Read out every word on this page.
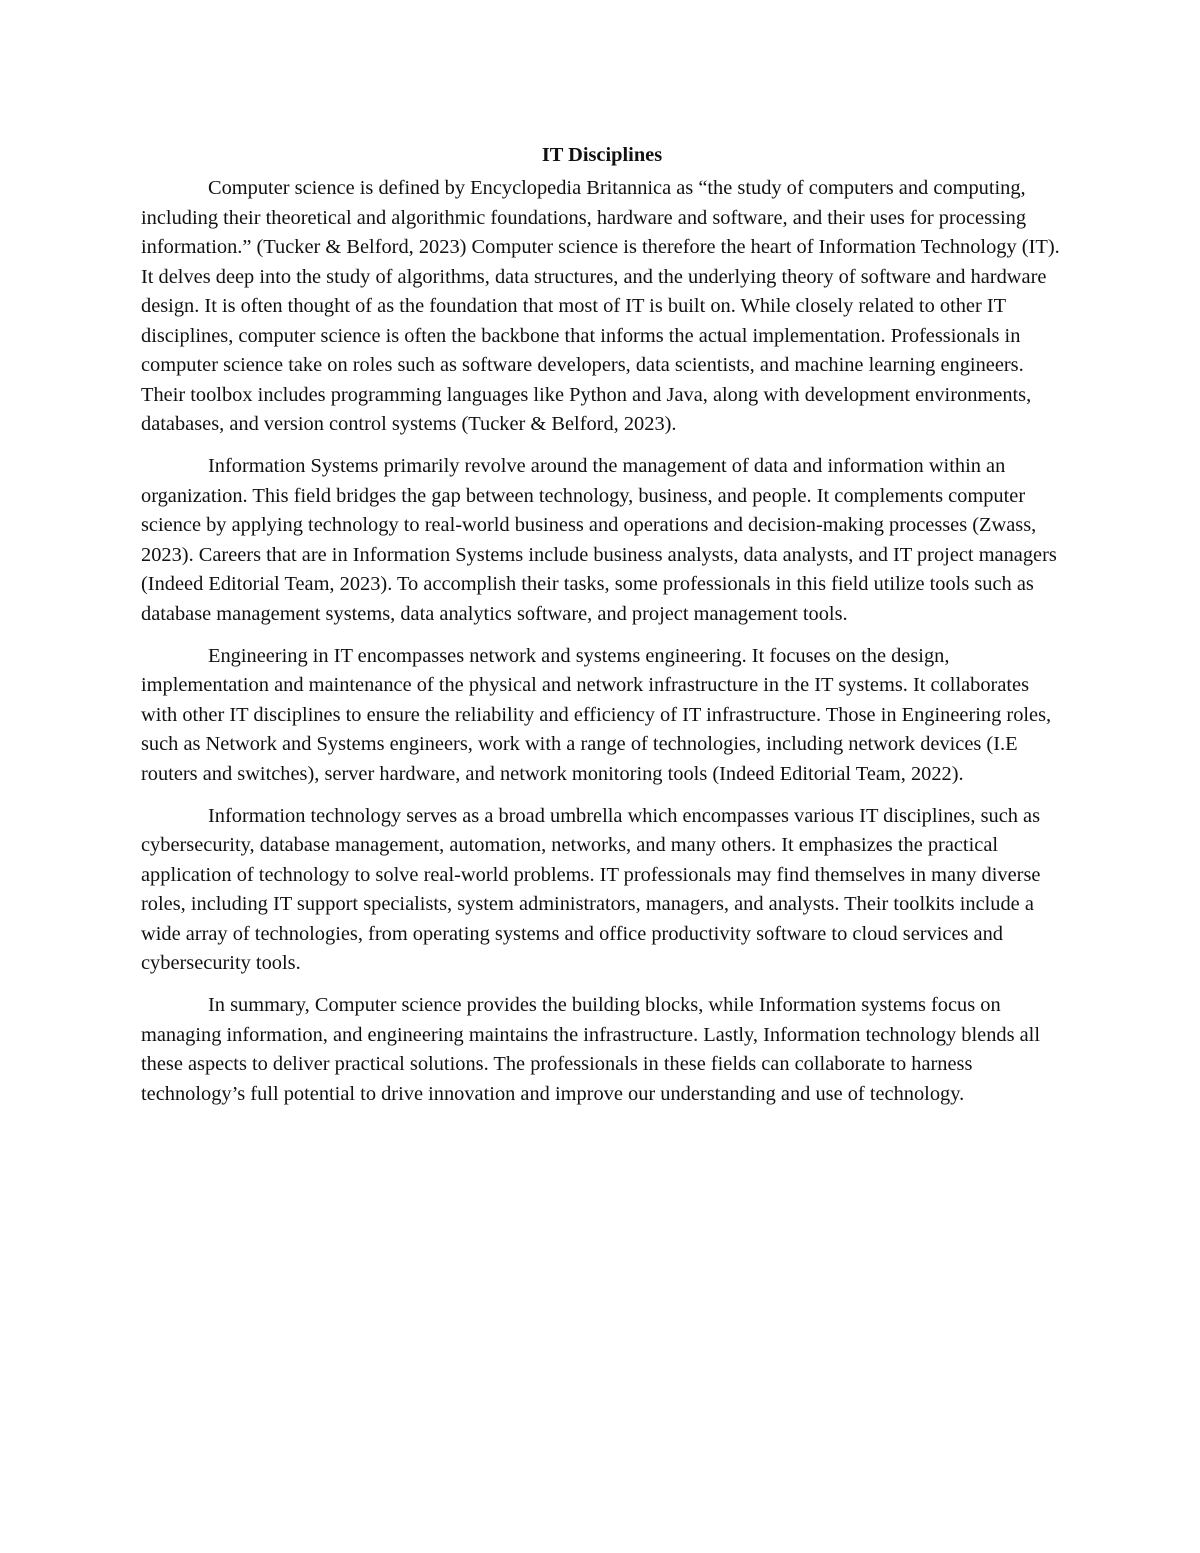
IT Disciplines

Computer science is defined by Encyclopedia Britannica as “the study of computers and computing, including their theoretical and algorithmic foundations, hardware and software, and their uses for processing information.” (Tucker & Belford, 2023) Computer science is therefore the heart of Information Technology (IT). It delves deep into the study of algorithms, data structures, and the underlying theory of software and hardware design. It is often thought of as the foundation that most of IT is built on. While closely related to other IT disciplines, computer science is often the backbone that informs the actual implementation. Professionals in computer science take on roles such as software developers, data scientists, and machine learning engineers. Their toolbox includes programming languages like Python and Java, along with development environments, databases, and version control systems (Tucker & Belford, 2023).

Information Systems primarily revolve around the management of data and information within an organization. This field bridges the gap between technology, business, and people. It complements computer science by applying technology to real-world business and operations and decision-making processes (Zwass, 2023). Careers that are in Information Systems include business analysts, data analysts, and IT project managers (Indeed Editorial Team, 2023). To accomplish their tasks, some professionals in this field utilize tools such as database management systems, data analytics software, and project management tools.

Engineering in IT encompasses network and systems engineering. It focuses on the design, implementation and maintenance of the physical and network infrastructure in the IT systems. It collaborates with other IT disciplines to ensure the reliability and efficiency of IT infrastructure. Those in Engineering roles, such as Network and Systems engineers, work with a range of technologies, including network devices (I.E routers and switches), server hardware, and network monitoring tools (Indeed Editorial Team, 2022).

Information technology serves as a broad umbrella which encompasses various IT disciplines, such as cybersecurity, database management, automation, networks, and many others. It emphasizes the practical application of technology to solve real-world problems. IT professionals may find themselves in many diverse roles, including IT support specialists, system administrators, managers, and analysts. Their toolkits include a wide array of technologies, from operating systems and office productivity software to cloud services and cybersecurity tools.

In summary, Computer science provides the building blocks, while Information systems focus on managing information, and engineering maintains the infrastructure. Lastly, Information technology blends all these aspects to deliver practical solutions. The professionals in these fields can collaborate to harness technology’s full potential to drive innovation and improve our understanding and use of technology.
